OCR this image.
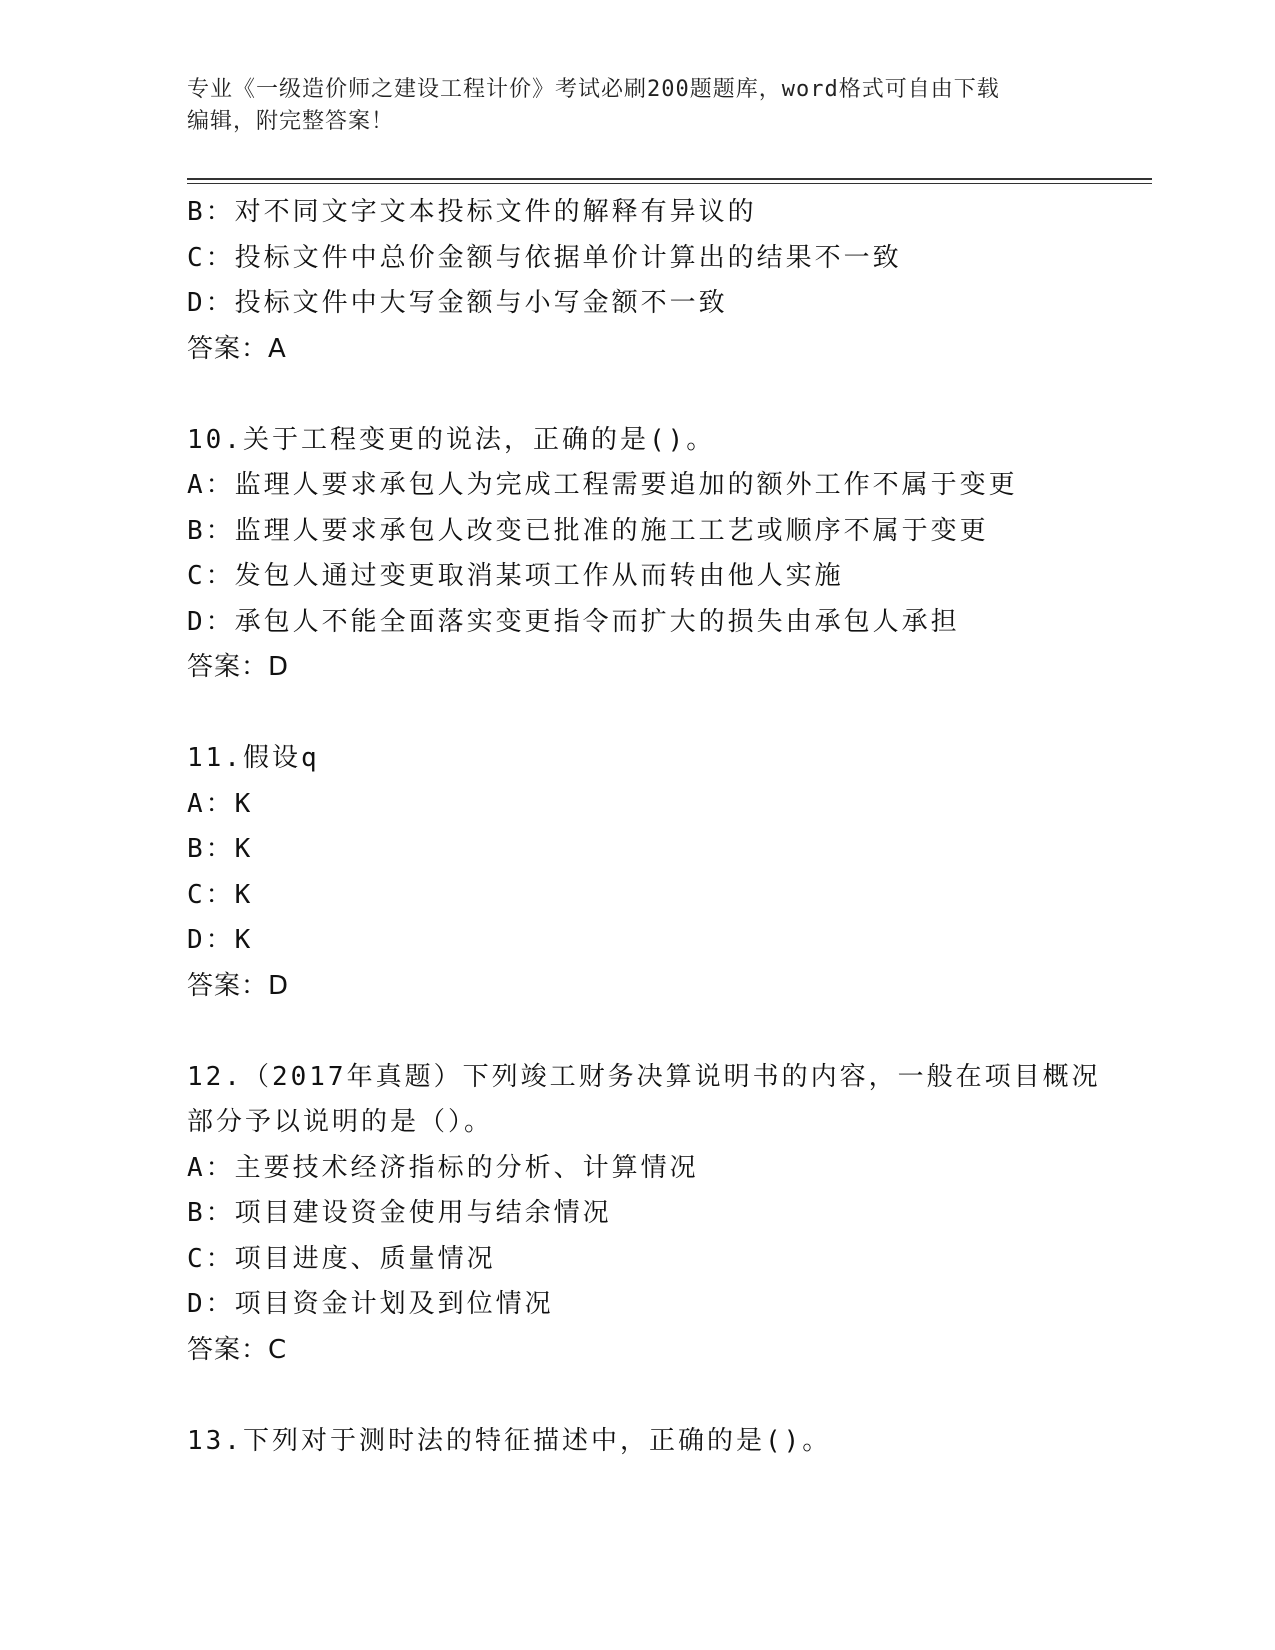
专业《一级造价师之建设工程计价》考试必刷200题题库，word格式可自由下载
编辑，附完整答案！
B：对不同文字文本投标文件的解释有异议的
C：投标文件中总价金额与依据单价计算出的结果不一致
D：投标文件中大写金额与小写金额不一致
答案：A
10.关于工程变更的说法，正确的是()。
A：监理人要求承包人为完成工程需要追加的额外工作不属于变更
B：监理人要求承包人改变已批准的施工工艺或顺序不属于变更
C：发包人通过变更取消某项工作从而转由他人实施
D：承包人不能全面落实变更指令而扩大的损失由承包人承担
答案：D
11.假设q
A：K
B：K
C：K
D：K
答案：D
12.（2017年真题）下列竣工财务决算说明书的内容，一般在项目概况
部分予以说明的是（）。
A：主要技术经济指标的分析、计算情况
B：项目建设资金使用与结余情况
C：项目进度、质量情况
D：项目资金计划及到位情况
答案：C
13.下列对于测时法的特征描述中，正确的是()。
